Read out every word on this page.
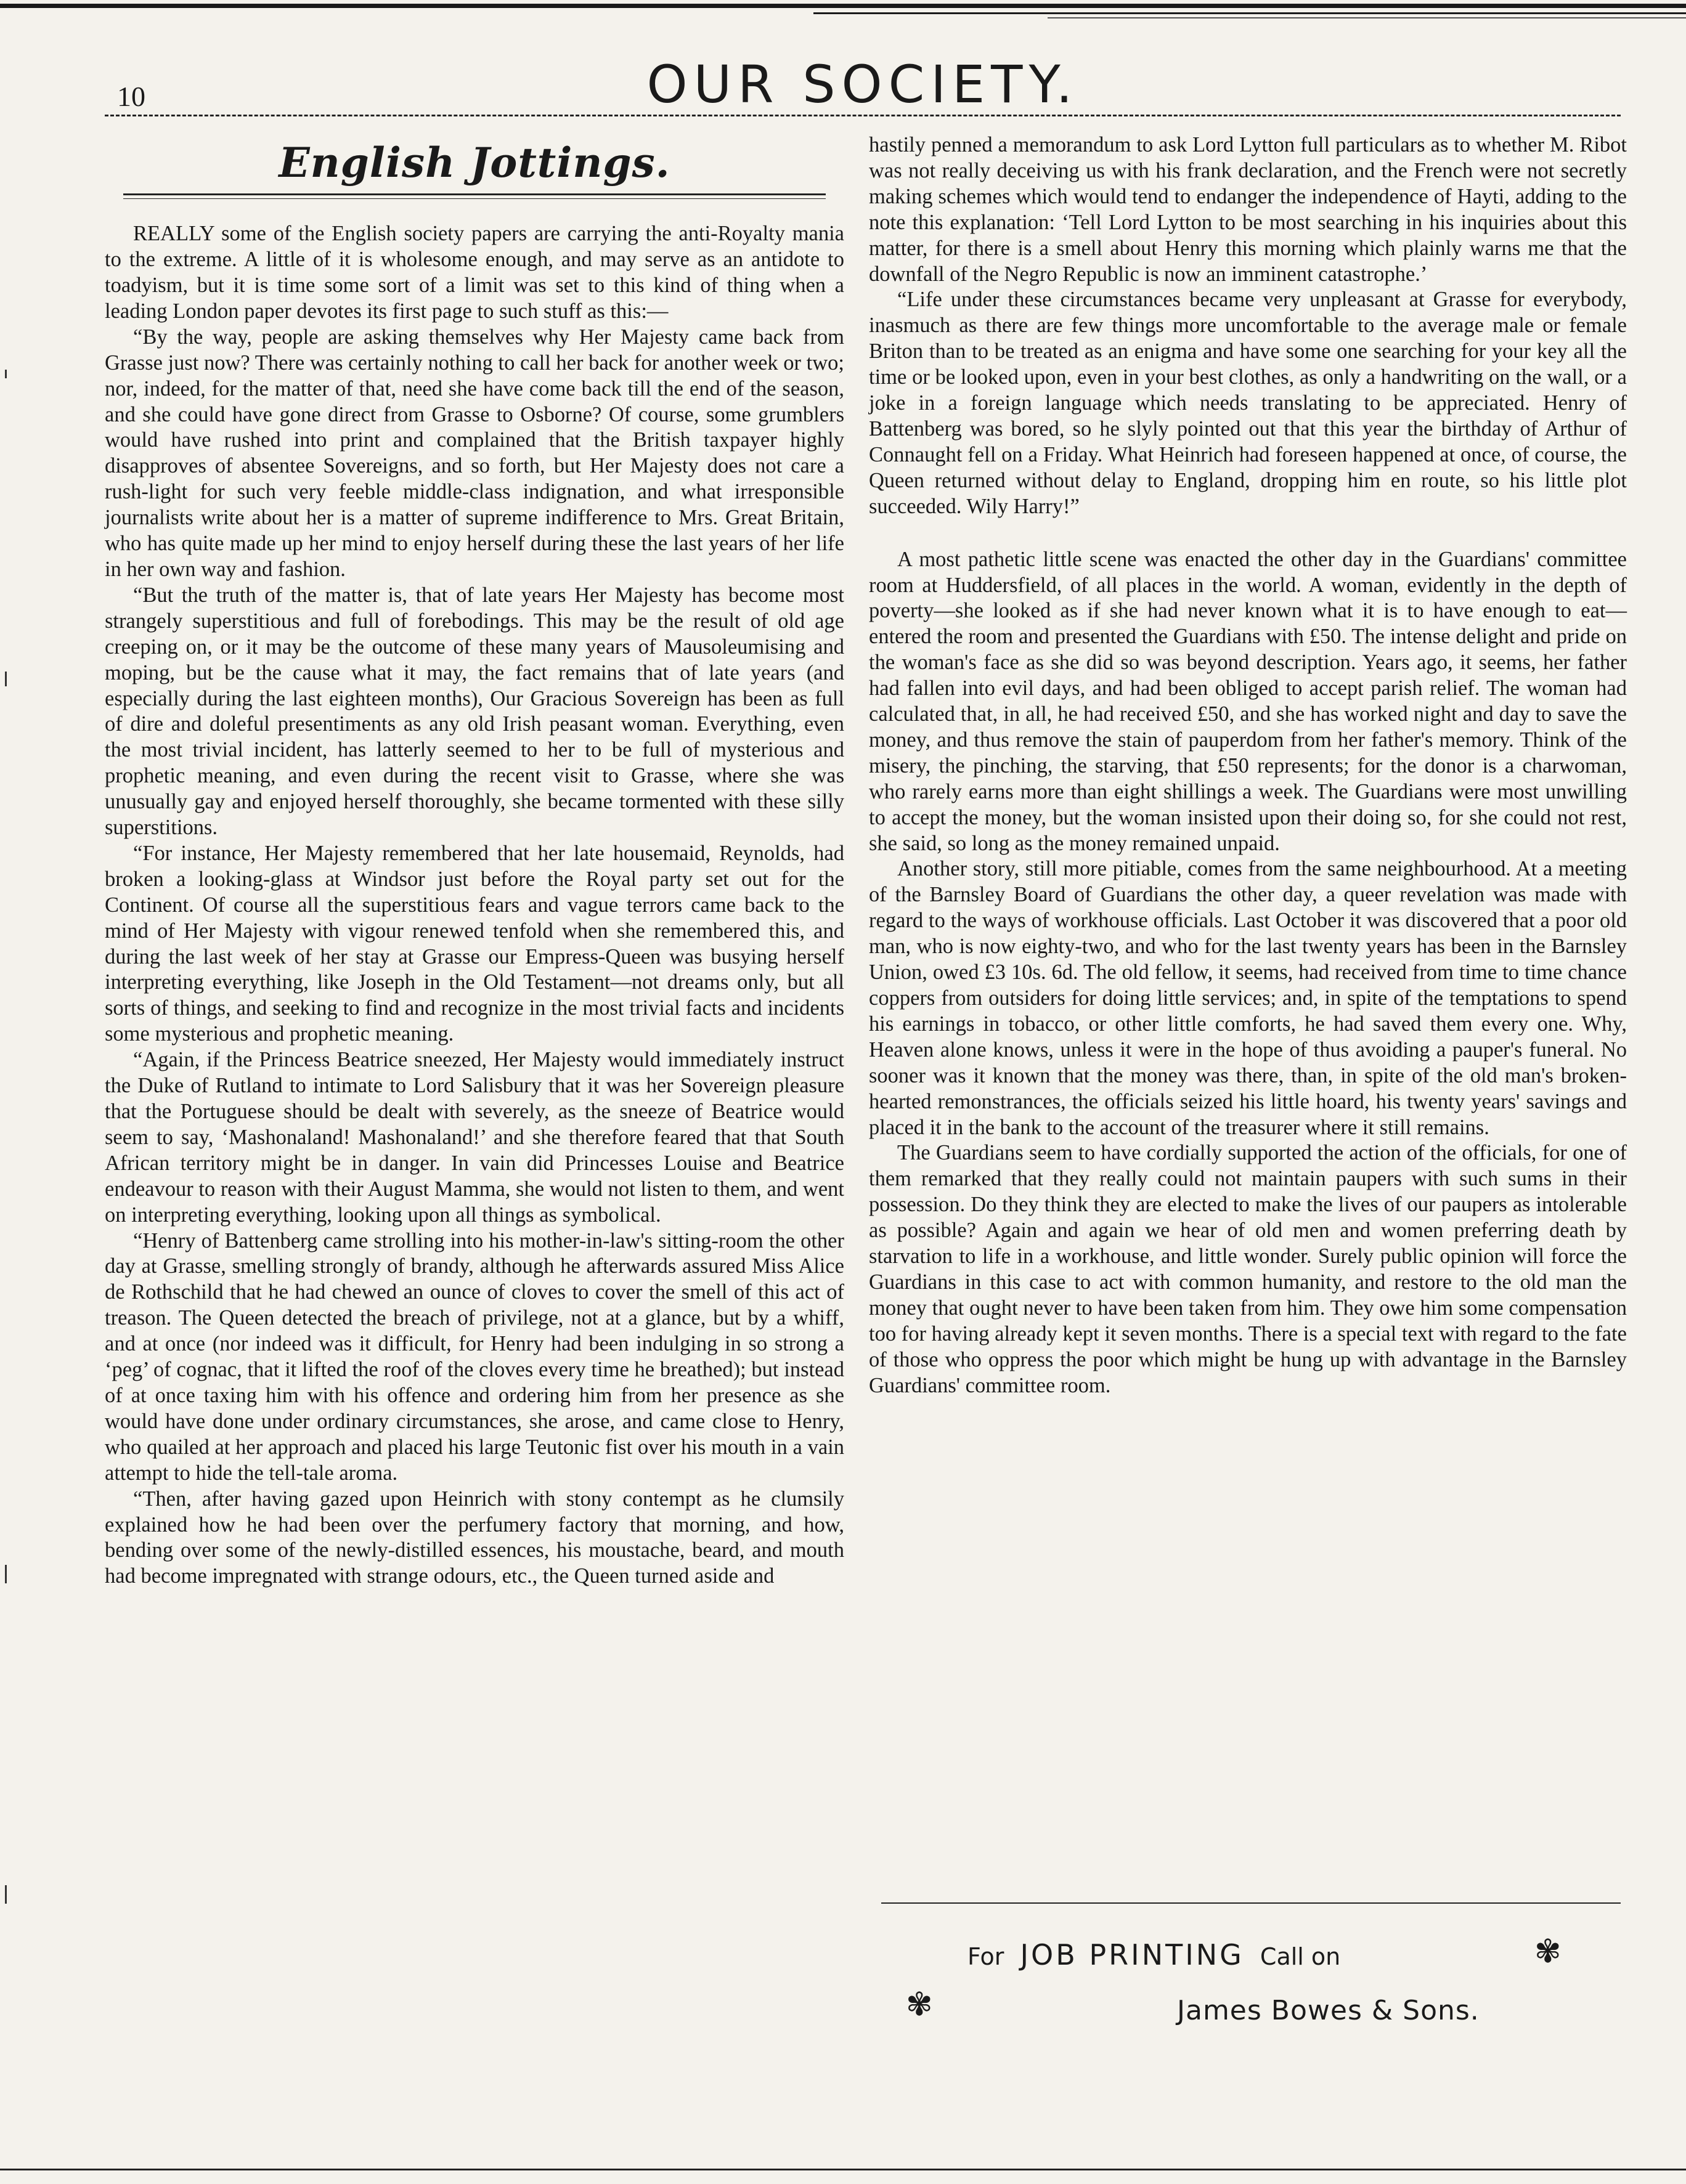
10	OUR SOCIETY.
English Jottings.

REALLY some of the English society papers are carrying the anti-Royalty mania to the extreme. A little of it is wholesome enough, and may serve as an antidote to toadyism, but it is time some sort of a limit was set to this kind of thing when a leading London paper devotes its first page to such stuff as this:—

“By the way, people are asking themselves why Her Majesty came back from Grasse just now? There was certainly nothing to call her back for another week or two; nor, indeed, for the matter of that, need she have come back till the end of the season, and she could have gone direct from Grasse to Osborne? Of course, some grumblers would have rushed into print and complained that the British taxpayer highly disapproves of absentee Sovereigns, and so forth, but Her Majesty does not care a rush-light for such very feeble middle-class indignation, and what irresponsible journalists write about her is a matter of supreme indifference to Mrs. Great Britain, who has quite made up her mind to enjoy herself during these the last years of her life in her own way and fashion.

“But the truth of the matter is, that of late years Her Majesty has become most strangely superstitious and full of forebodings. This may be the result of old age creeping on, or it may be the outcome of these many years of Mausoleumising and moping, but be the cause what it may, the fact remains that of late years (and especially during the last eighteen months), Our Gracious Sovereign has been as full of dire and doleful presentiments as any old Irish peasant woman. Everything, even the most trivial incident, has latterly seemed to her to be full of mysterious and prophetic meaning, and even during the recent visit to Grasse, where she was unusually gay and enjoyed herself thoroughly, she became tormented with these silly superstitions.

“For instance, Her Majesty remembered that her late housemaid, Reynolds, had broken a looking-glass at Windsor just before the Royal party set out for the Continent. Of course all the superstitious fears and vague terrors came back to the mind of Her Majesty with vigour renewed tenfold when she remembered this, and during the last week of her stay at Grasse our Empress-Queen was busying herself interpreting everything, like Joseph in the Old Testament—not dreams only, but all sorts of things, and seeking to find and recognize in the most trivial facts and incidents some mysterious and prophetic meaning.

“Again, if the Princess Beatrice sneezed, Her Majesty would immediately instruct the Duke of Rutland to intimate to Lord Salisbury that it was her Sovereign pleasure that the Portuguese should be dealt with severely, as the sneeze of Beatrice would seem to say, ‘Mashonaland! Mashonaland!’ and she therefore feared that that South African territory might be in danger. In vain did Princesses Louise and Beatrice endeavour to reason with their August Mamma, she would not listen to them, and went on interpreting everything, looking upon all things as symbolical.

“Henry of Battenberg came strolling into his mother-in-law's sitting-room the other day at Grasse, smelling strongly of brandy, although he afterwards assured Miss Alice de Rothschild that he had chewed an ounce of cloves to cover the smell of this act of treason. The Queen detected the breach of privilege, not at a glance, but by a whiff, and at once (nor indeed was it difficult, for Henry had been indulging in so strong a ‘peg’ of cognac, that it lifted the roof of the cloves every time he breathed); but instead of at once taxing him with his offence and ordering him from her presence as she would have done under ordinary circumstances, she arose, and came close to Henry, who quailed at her approach and placed his large Teutonic fist over his mouth in a vain attempt to hide the tell-tale aroma.

“Then, after having gazed upon Heinrich with stony contempt as he clumsily explained how he had been over the perfumery factory that morning, and how, bending over some of the newly-distilled essences, his moustache, beard, and mouth had become impregnated with strange odours, etc., the Queen turned aside and

hastily penned a memorandum to ask Lord Lytton full particulars as to whether M. Ribot was not really deceiving us with his frank declaration, and the French were not secretly making schemes which would tend to endanger the independence of Hayti, adding to the note this explanation: ‘Tell Lord Lytton to be most searching in his inquiries about this matter, for there is a smell about Henry this morning which plainly warns me that the downfall of the Negro Republic is now an imminent catastrophe.’

“Life under these circumstances became very unpleasant at Grasse for everybody, inasmuch as there are few things more uncomfortable to the average male or female Briton than to be treated as an enigma and have some one searching for your key all the time or be looked upon, even in your best clothes, as only a handwriting on the wall, or a joke in a foreign language which needs translating to be appreciated. Henry of Battenberg was bored, so he slyly pointed out that this year the birthday of Arthur of Connaught fell on a Friday. What Heinrich had foreseen happened at once, of course, the Queen returned without delay to England, dropping him en route, so his little plot succeeded. Wily Harry!”

A most pathetic little scene was enacted the other day in the Guardians' committee room at Huddersfield, of all places in the world. A woman, evidently in the depth of poverty—she looked as if she had never known what it is to have enough to eat—entered the room and presented the Guardians with £50. The intense delight and pride on the woman's face as she did so was beyond description. Years ago, it seems, her father had fallen into evil days, and had been obliged to accept parish relief. The woman had calculated that, in all, he had received £50, and she has worked night and day to save the money, and thus remove the stain of pauperdom from her father's memory. Think of the misery, the pinching, the starving, that £50 represents; for the donor is a charwoman, who rarely earns more than eight shillings a week. The Guardians were most unwilling to accept the money, but the woman insisted upon their doing so, for she could not rest, she said, so long as the money remained unpaid.

Another story, still more pitiable, comes from the same neighbourhood. At a meeting of the Barnsley Board of Guardians the other day, a queer revelation was made with regard to the ways of workhouse officials. Last October it was discovered that a poor old man, who is now eighty-two, and who for the last twenty years has been in the Barnsley Union, owed £3 10s. 6d. The old fellow, it seems, had received from time to time chance coppers from outsiders for doing little services; and, in spite of the temptations to spend his earnings in tobacco, or other little comforts, he had saved them every one. Why, Heaven alone knows, unless it were in the hope of thus avoiding a pauper's funeral. No sooner was it known that the money was there, than, in spite of the old man's broken-hearted remonstrances, the officials seized his little hoard, his twenty years' savings and placed it in the bank to the account of the treasurer where it still remains.

The Guardians seem to have cordially supported the action of the officials, for one of them remarked that they really could not maintain paupers with such sums in their possession. Do they think they are elected to make the lives of our paupers as intolerable as possible? Again and again we hear of old men and women preferring death by starvation to life in a workhouse, and little wonder. Surely public opinion will force the Guardians in this case to act with common humanity, and restore to the old man the money that ought never to have been taken from him. They owe him some compensation too for having already kept it seven months. There is a special text with regard to the fate of those who oppress the poor which might be hung up with advantage in the Barnsley Guardians' committee room.

For JOB PRINTING Call on
James Bowes & Sons.
✾
✾
